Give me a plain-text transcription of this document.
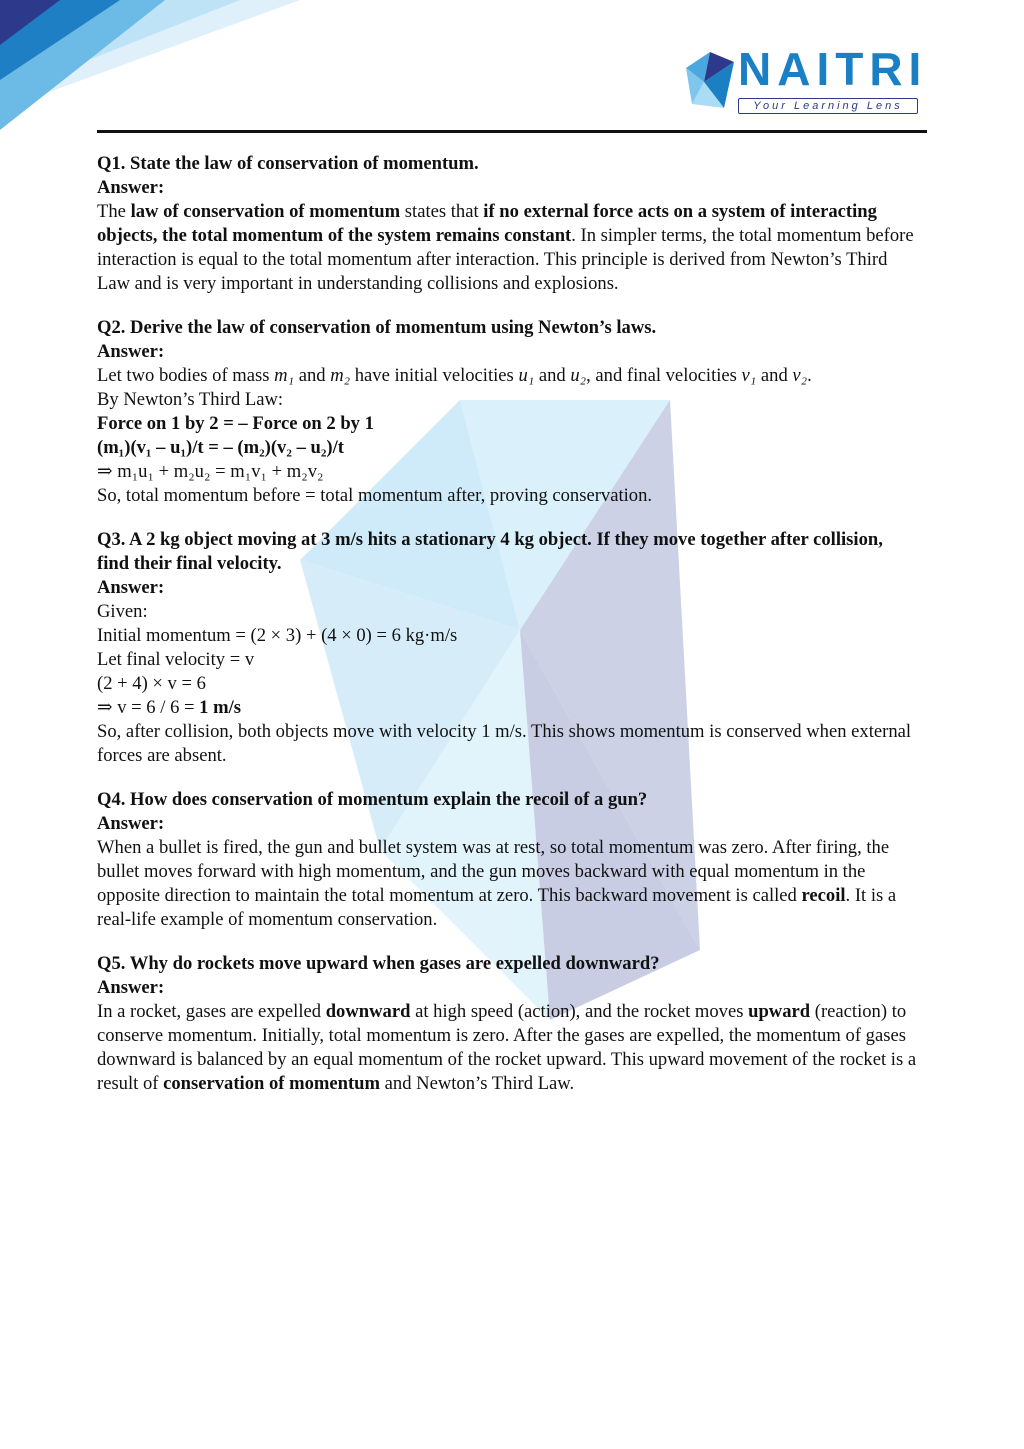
NAITRI
Your Learning Lens

Q1. State the law of conservation of momentum.

Answer:

The law of conservation of momentum states that if no external force acts on a system of interacting objects, the total momentum of the system remains constant. In simpler terms, the total momentum before interaction is equal to the total momentum after interaction. This principle is derived from Newton’s Third Law and is very important in understanding collisions and explosions.

Q2. Derive the law of conservation of momentum using Newton’s laws.

Answer:

Let two bodies of mass m₁ and m₂ have initial velocities u₁ and u₂, and final velocities v₁ and v₂.

By Newton’s Third Law:

Force on 1 by 2 = – Force on 2 by 1

(m₁)(v₁ – u₁)/t = – (m₂)(v₂ – u₂)/t

⇒ m₁u₁ + m₂u₂ = m₁v₁ + m₂v₂

So, total momentum before = total momentum after, proving conservation.

Q3. A 2 kg object moving at 3 m/s hits a stationary 4 kg object. If they move together after collision, find their final velocity.

Answer:

Given:

Initial momentum = (2 × 3) + (4 × 0) = 6 kg·m/s

Let final velocity = v

(2 + 4) × v = 6

⇒ v = 6 / 6 = 1 m/s

So, after collision, both objects move with velocity 1 m/s. This shows momentum is conserved when external forces are absent.

Q4. How does conservation of momentum explain the recoil of a gun?

Answer:

When a bullet is fired, the gun and bullet system was at rest, so total momentum was zero. After firing, the bullet moves forward with high momentum, and the gun moves backward with equal momentum in the opposite direction to maintain the total momentum at zero. This backward movement is called recoil. It is a real-life example of momentum conservation.

Q5. Why do rockets move upward when gases are expelled downward?

Answer:

In a rocket, gases are expelled downward at high speed (action), and the rocket moves upward (reaction) to conserve momentum. Initially, total momentum is zero. After the gases are expelled, the momentum of gases downward is balanced by an equal momentum of the rocket upward. This upward movement of the rocket is a result of conservation of momentum and Newton’s Third Law.
